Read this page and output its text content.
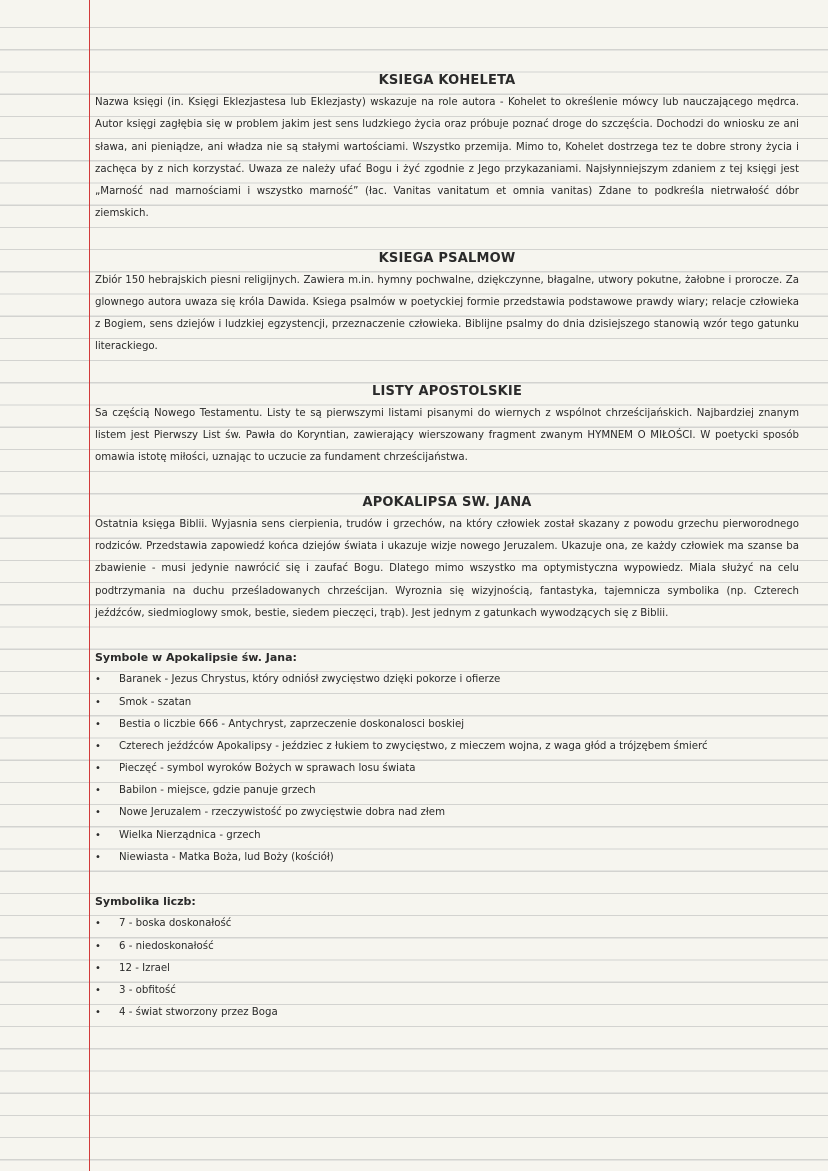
KSIEGA KOHELETA

Nazwa księgi (in. Księgi Eklezjastesa lub Eklezjasty) wskazuje na role autora - Kohelet to określenie mówcy lub nauczającego mędrca. Autor księgi zagłębia się w problem jakim jest sens ludzkiego życia oraz próbuje poznać droge do szczęścia. Dochodzi do wniosku ze ani sława, ani pieniądze, ani władza nie są stałymi wartościami. Wszystko przemija. Mimo to, Kohelet dostrzega tez te dobre strony życia i zachęca by z nich korzystać. Uwaza ze należy ufać Bogu i żyć zgodnie z Jego przykazaniami. Najsłynniejszym zdaniem z tej księgi jest „Marność nad marnościami i wszystko marność” (łac. Vanitas vanitatum et omnia vanitas) Zdane to podkreśla nietrwałość dóbr ziemskich.

KSIEGA PSALMOW

Zbiór 150 hebrajskich piesni religijnych. Zawiera m.in. hymny pochwalne, dziękczynne, błagalne, utwory pokutne, żałobne i prorocze. Za glownego autora uwaza się króla Dawida. Ksiega psalmów w poetyckiej formie przedstawia podstawowe prawdy wiary; relacje człowieka z Bogiem, sens dziejów i ludzkiej egzystencji, przeznaczenie człowieka. Biblijne psalmy do dnia dzisiejszego stanowią wzór tego gatunku literackiego.

LISTY APOSTOLSKIE

Sa częścią Nowego Testamentu. Listy te są pierwszymi listami pisanymi do wiernych z wspólnot chrześcijańskich. Najbardziej znanym listem jest Pierwszy List św. Pawła do Koryntian, zawierający wierszowany fragment zwanym HYMNEM O MIŁOŚCI. W poetycki sposób omawia istotę miłości, uznając to uczucie za fundament chrześcijaństwa.

APOKALIPSA SW. JANA

Ostatnia księga Biblii. Wyjasnia sens cierpienia, trudów i grzechów, na który człowiek został skazany z powodu grzechu pierworodnego rodziców. Przedstawia zapowiedź końca dziejów świata i ukazuje wizje nowego Jeruzalem. Ukazuje ona, ze każdy człowiek ma szanse ba zbawienie - musi jedynie nawrócić się i zaufać Bogu. Dlatego mimo wszystko ma optymistyczna wypowiedz. Miala służyć na celu podtrzymania na duchu prześladowanych chrześcijan. Wyroznia się wizyjnością, fantastyka, tajemnicza symbolika (np. Czterech jeźdźców, siedmioglowy smok, bestie, siedem pieczęci, trąb). Jest jednym z gatunkach wywodzących się z Biblii.

Symbole w Apokalipsie św. Jana:
• Baranek - Jezus Chrystus, który odniósł zwycięstwo dzięki pokorze i ofierze
• Smok - szatan
• Bestia o liczbie 666 - Antychryst, zaprzeczenie doskonalosci boskiej
• Czterech jeźdźców Apokalipsy - jeździec z łukiem to zwycięstwo, z mieczem wojna, z waga głód a trójzębem śmierć
• Pieczęć - symbol wyroków Bożych w sprawach losu świata
• Babilon - miejsce, gdzie panuje grzech
• Nowe Jeruzalem - rzeczywistość po zwycięstwie dobra nad złem
• Wielka Nierządnica - grzech
• Niewiasta - Matka Boża, lud Boży (kościół)
Symbolika liczb:
• 7 - boska doskonałość
• 6 - niedoskonałość
• 12 - Izrael
• 3 - obfitość
• 4 - świat stworzony przez Boga
